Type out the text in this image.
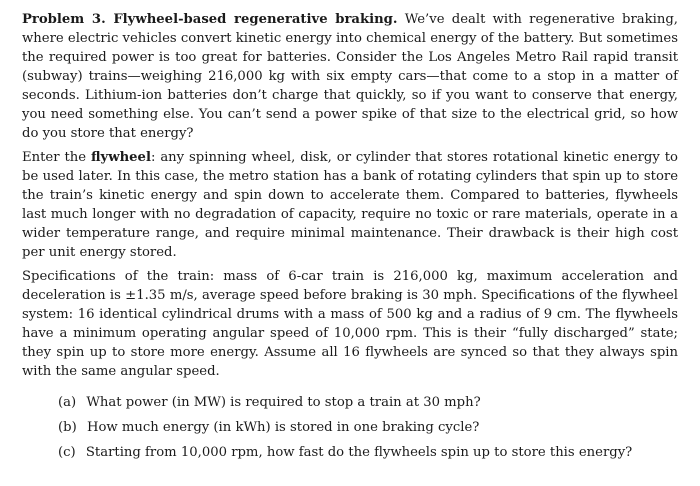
Problem 3. Flywheel-based regenerative braking. We’ve dealt with regenerative braking, where electric vehicles convert kinetic energy into chemical energy of the battery. But sometimes the required power is too great for batteries. Consider the Los Angeles Metro Rail rapid transit (subway) trains—weighing 216,000 kg with six empty cars—that come to a stop in a matter of seconds. Lithium-ion batteries don’t charge that quickly, so if you want to conserve that energy, you need something else. You can’t send a power spike of that size to the electrical grid, so how do you store that energy?

Enter the flywheel: any spinning wheel, disk, or cylinder that stores rotational kinetic energy to be used later. In this case, the metro station has a bank of rotating cylinders that spin up to store the train’s kinetic energy and spin down to accelerate them. Compared to batteries, flywheels last much longer with no degradation of capacity, require no toxic or rare materials, operate in a wider temperature range, and require minimal maintenance. Their drawback is their high cost per unit energy stored.

Specifications of the train: mass of 6-car train is 216,000 kg, maximum acceleration and deceleration is ±1.35 m/s, average speed before braking is 30 mph. Specifications of the flywheel system: 16 identical cylindrical drums with a mass of 500 kg and a radius of 9 cm. The flywheels have a minimum operating angular speed of 10,000 rpm. This is their “fully discharged” state; they spin up to store more energy. Assume all 16 flywheels are synced so that they always spin with the same angular speed.

(a) What power (in MW) is required to stop a train at 30 mph?
(b) How much energy (in kWh) is stored in one braking cycle?
(c) Starting from 10,000 rpm, how fast do the flywheels spin up to store this energy?
